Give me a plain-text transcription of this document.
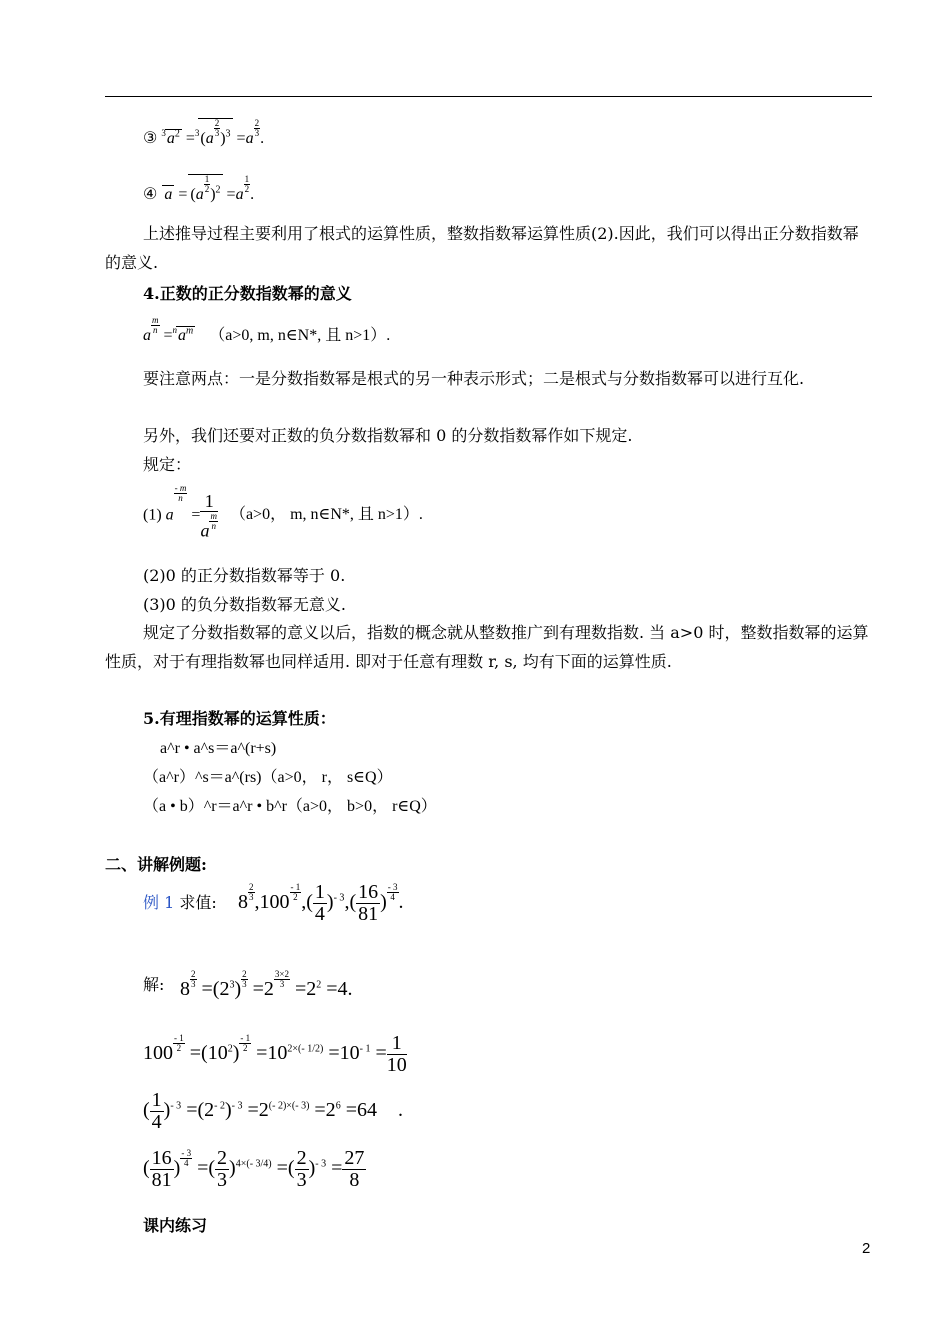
③ $^3a^2 =^3(a \frac{2}{3} )^3 =a \frac{2}{3}$ .
④ $a = (a \frac{1}{2} )^2 =a \frac{1}{2}$ .
上述推导过程主要利用了根式的运算性质，整数指数幂运算性质(2).因此，我们可以得出正分数指数幂的意义.
4.正数的正分数指数幂的意义
a $\frac{m}{n} =^na^m$ （a>0, m, n∈N*, 且 n>1）.
要注意两点：一是分数指数幂是根式的另一种表示形式；二是根式与分数指数幂可以进行互化.
另外，我们还要对正数的负分数指数幂和 0 的分数指数幂作如下规定.
规定：
(1) a
$\frac{- m}{n}$
= $\frac{1}{a \frac{m}{n}} (a>0$， m, n∈N*, 且 n>1）.
(2)0 的正分数指数幂等于 0.
(3)0 的负分数指数幂无意义.
规定了分数指数幂的意义以后，指数的概念就从整数推广到有理数指数. 当 a>0 时，整数指数幂的运算性质，对于有理指数幂也同样适用. 即对于任意有理数 r, s, 均有下面的运算性质.
5.有理指数幂的运算性质：
a^r • a^s＝a^(r+s)
（a^r）^s＝a^(rs)（a>0， r， s∈Q）
（a • b）^r＝a^r • b^r（a>0， b>0， r∈Q）
二、讲解例题:
例 1 求值: $8 \frac{2}{3} ,100 \frac{- 1}{2}$ ,( $\frac{1}{4} )^{- 3},( \frac{16}{81}$ ) $\frac{- 3}{4}$ .
解: $8 \frac{2}{3} =(2^3) \frac{2}{3} =2 \frac{3\times 2}{3} =2^2 =4$.
$100 \frac{- 1}{2} =(10^2) \frac{- 1}{2} =10^{2\times(- 1/2)} =10^{- 1} = \frac{1}{10}$
( $\frac{1}{4} )^{- 3} =(2^{- 2})^{- 3} =2^{(- 2)\times(- 3)} =2^6 =64$ .
( $\frac{16}{81}$ ) $\frac{- 3}{4}$ =( $\frac{2}{3} )^{4\times(- 3/4)}$ =( $\frac{2}{3} )^{- 3} = \frac{27}{8}$
课内练习
2
